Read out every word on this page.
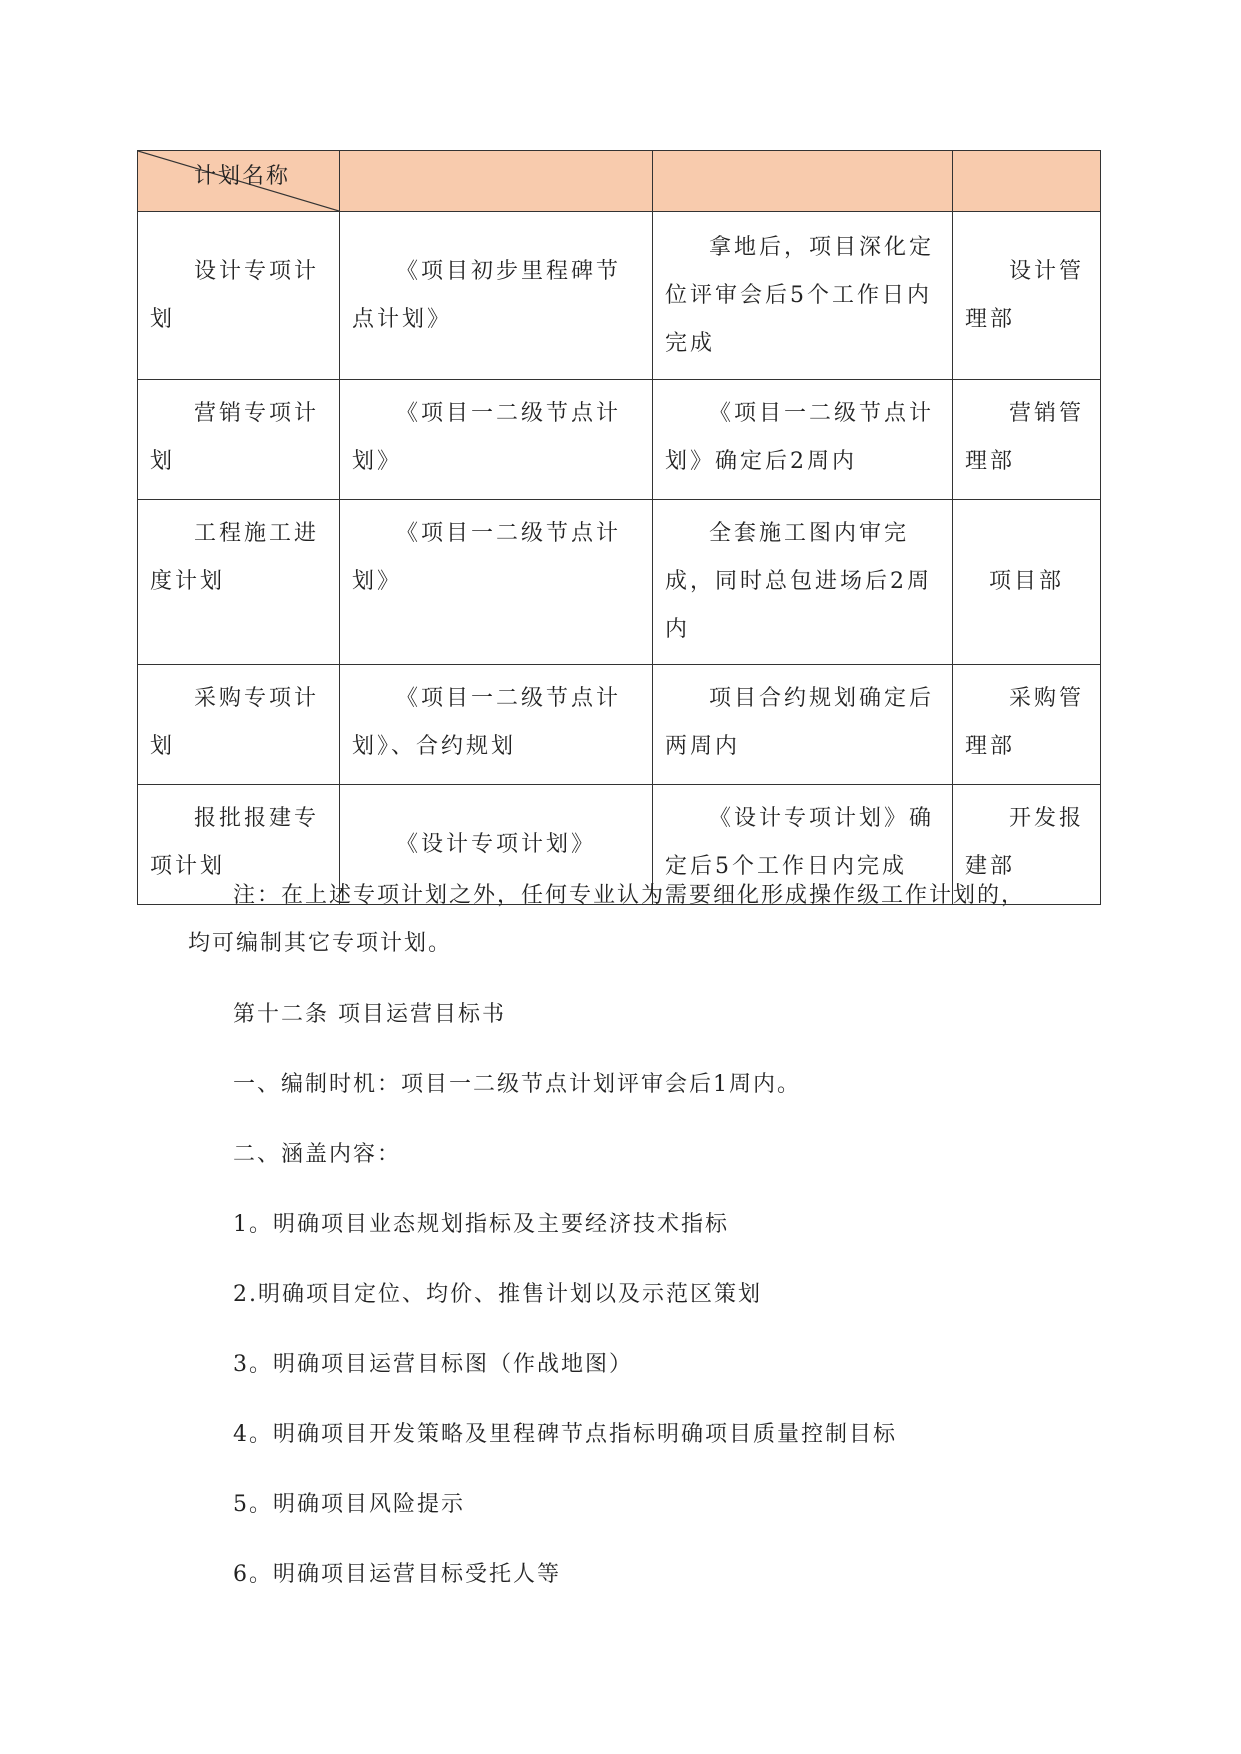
计划名称			

设计专项计划	《项目初步里程碑节点计划》	拿地后，项目深化定位评审会后5个工作日内完成	设计管理部
营销专项计划	《项目一二级节点计划》	《项目一二级节点计划》确定后2周内	营销管理部
工程施工进度计划	《项目一二级节点计划》	全套施工图内审完成，同时总包进场后2周内	项目部
采购专项计划	《项目一二级节点计划》、合约规划	项目合约规划确定后两周内	采购管理部
报批报建专项计划	《设计专项计划》	《设计专项计划》确定后5个工作日内完成	开发报建部
注：在上述专项计划之外，任何专业认为需要细化形成操作级工作计划的，
均可编制其它专项计划。
第十二条 项目运营目标书
一、编制时机：项目一二级节点计划评审会后1周内。
二、涵盖内容：
1。明确项目业态规划指标及主要经济技术指标
2.明确项目定位、均价、推售计划以及示范区策划
3。明确项目运营目标图（作战地图）
4。明确项目开发策略及里程碑节点指标明确项目质量控制目标
5。明确项目风险提示
6。明确项目运营目标受托人等
